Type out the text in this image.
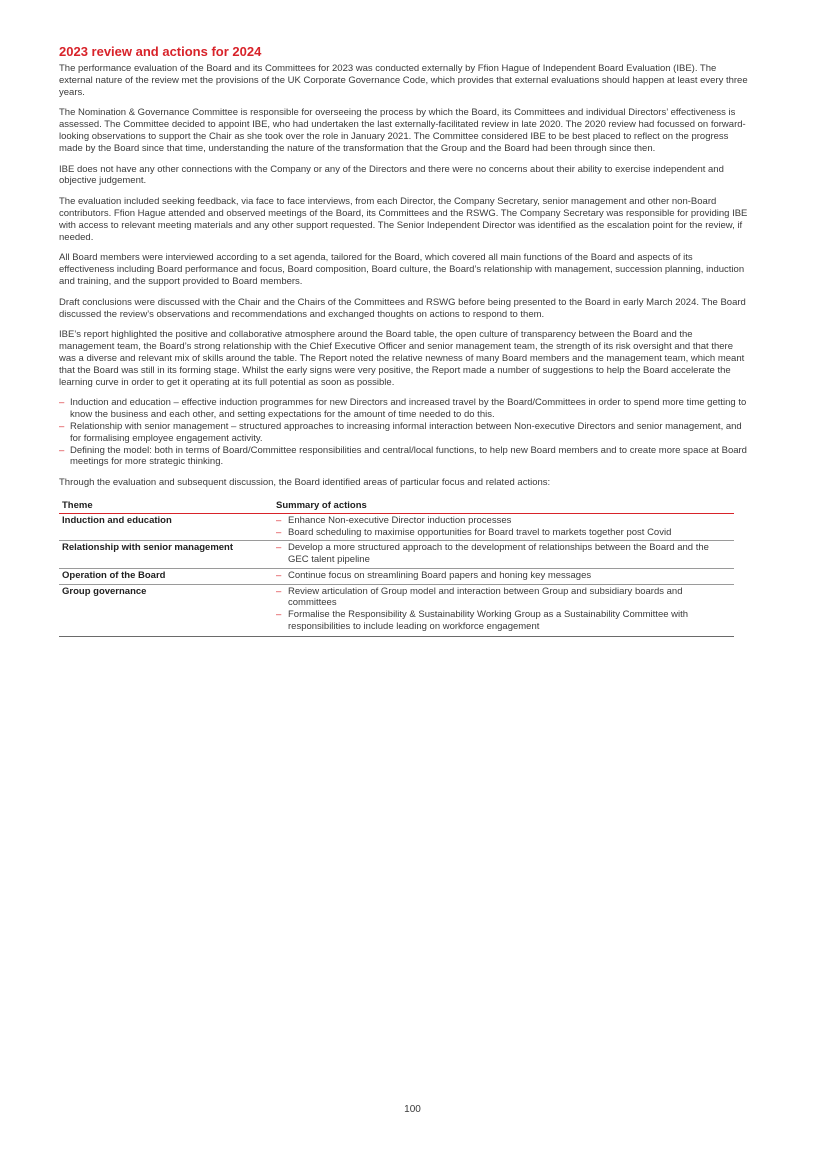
2023 review and actions for 2024

The performance evaluation of the Board and its Committees for 2023 was conducted externally by Ffion Hague of Independent Board Evaluation (IBE). The external nature of the review met the provisions of the UK Corporate Governance Code, which provides that external evaluations should happen at least every three years.

The Nomination & Governance Committee is responsible for overseeing the process by which the Board, its Committees and individual Directors’ effectiveness is assessed. The Committee decided to appoint IBE, who had undertaken the last externally-facilitated review in late 2020. The 2020 review had focussed on forward-looking observations to support the Chair as she took over the role in January 2021. The Committee considered IBE to be best placed to reflect on the progress made by the Board since that time, understanding the nature of the transformation that the Group and the Board had been through since then.

IBE does not have any other connections with the Company or any of the Directors and there were no concerns about their ability to exercise independent and objective judgement.

The evaluation included seeking feedback, via face to face interviews, from each Director, the Company Secretary, senior management and other non-Board contributors. Ffion Hague attended and observed meetings of the Board, its Committees and the RSWG. The Company Secretary was responsible for providing IBE with access to relevant meeting materials and any other support requested. The Senior Independent Director was identified as the escalation point for the review, if needed.

All Board members were interviewed according to a set agenda, tailored for the Board, which covered all main functions of the Board and aspects of its effectiveness including Board performance and focus, Board composition, Board culture, the Board’s relationship with management, succession planning, induction and training, and the support provided to Board members.

Draft conclusions were discussed with the Chair and the Chairs of the Committees and RSWG before being presented to the Board in early March 2024. The Board discussed the review’s observations and recommendations and exchanged thoughts on actions to respond to them.

IBE’s report highlighted the positive and collaborative atmosphere around the Board table, the open culture of transparency between the Board and the management team, the Board’s strong relationship with the Chief Executive Officer and senior management team, the strength of its risk oversight and that there was a diverse and relevant mix of skills around the table. The Report noted the relative newness of many Board members and the management team, which meant that the Board was still in its forming stage. Whilst the early signs were very positive, the Report made a number of suggestions to help the Board accelerate the learning curve in order to get it operating at its full potential as soon as possible.

– Induction and education – effective induction programmes for new Directors and increased travel by the Board/Committees in order to spend more time getting to know the business and each other, and setting expectations for the amount of time needed to do this.
– Relationship with senior management – structured approaches to increasing informal interaction between Non-executive Directors and senior management, and for formalising employee engagement activity.
– Defining the model: both in terms of Board/Committee responsibilities and central/local functions, to help new Board members and to create more space at Board meetings for more strategic thinking.

Through the evaluation and subsequent discussion, the Board identified areas of particular focus and related actions:

Theme	Summary of actions
Induction and education	– Enhance Non-executive Director induction processes
– Board scheduling to maximise opportunities for Board travel to markets together post Covid

Relationship with senior management	– Develop a more structured approach to the development of relationships between the Board and the GEC talent pipeline

Operation of the Board	– Continue focus on streamlining Board papers and honing key messages

Group governance	– Review articulation of Group model and interaction between Group and subsidiary boards and committees
– Formalise the Responsibility & Sustainability Working Group as a Sustainability Committee with responsibilities to include leading on workforce engagement
100
